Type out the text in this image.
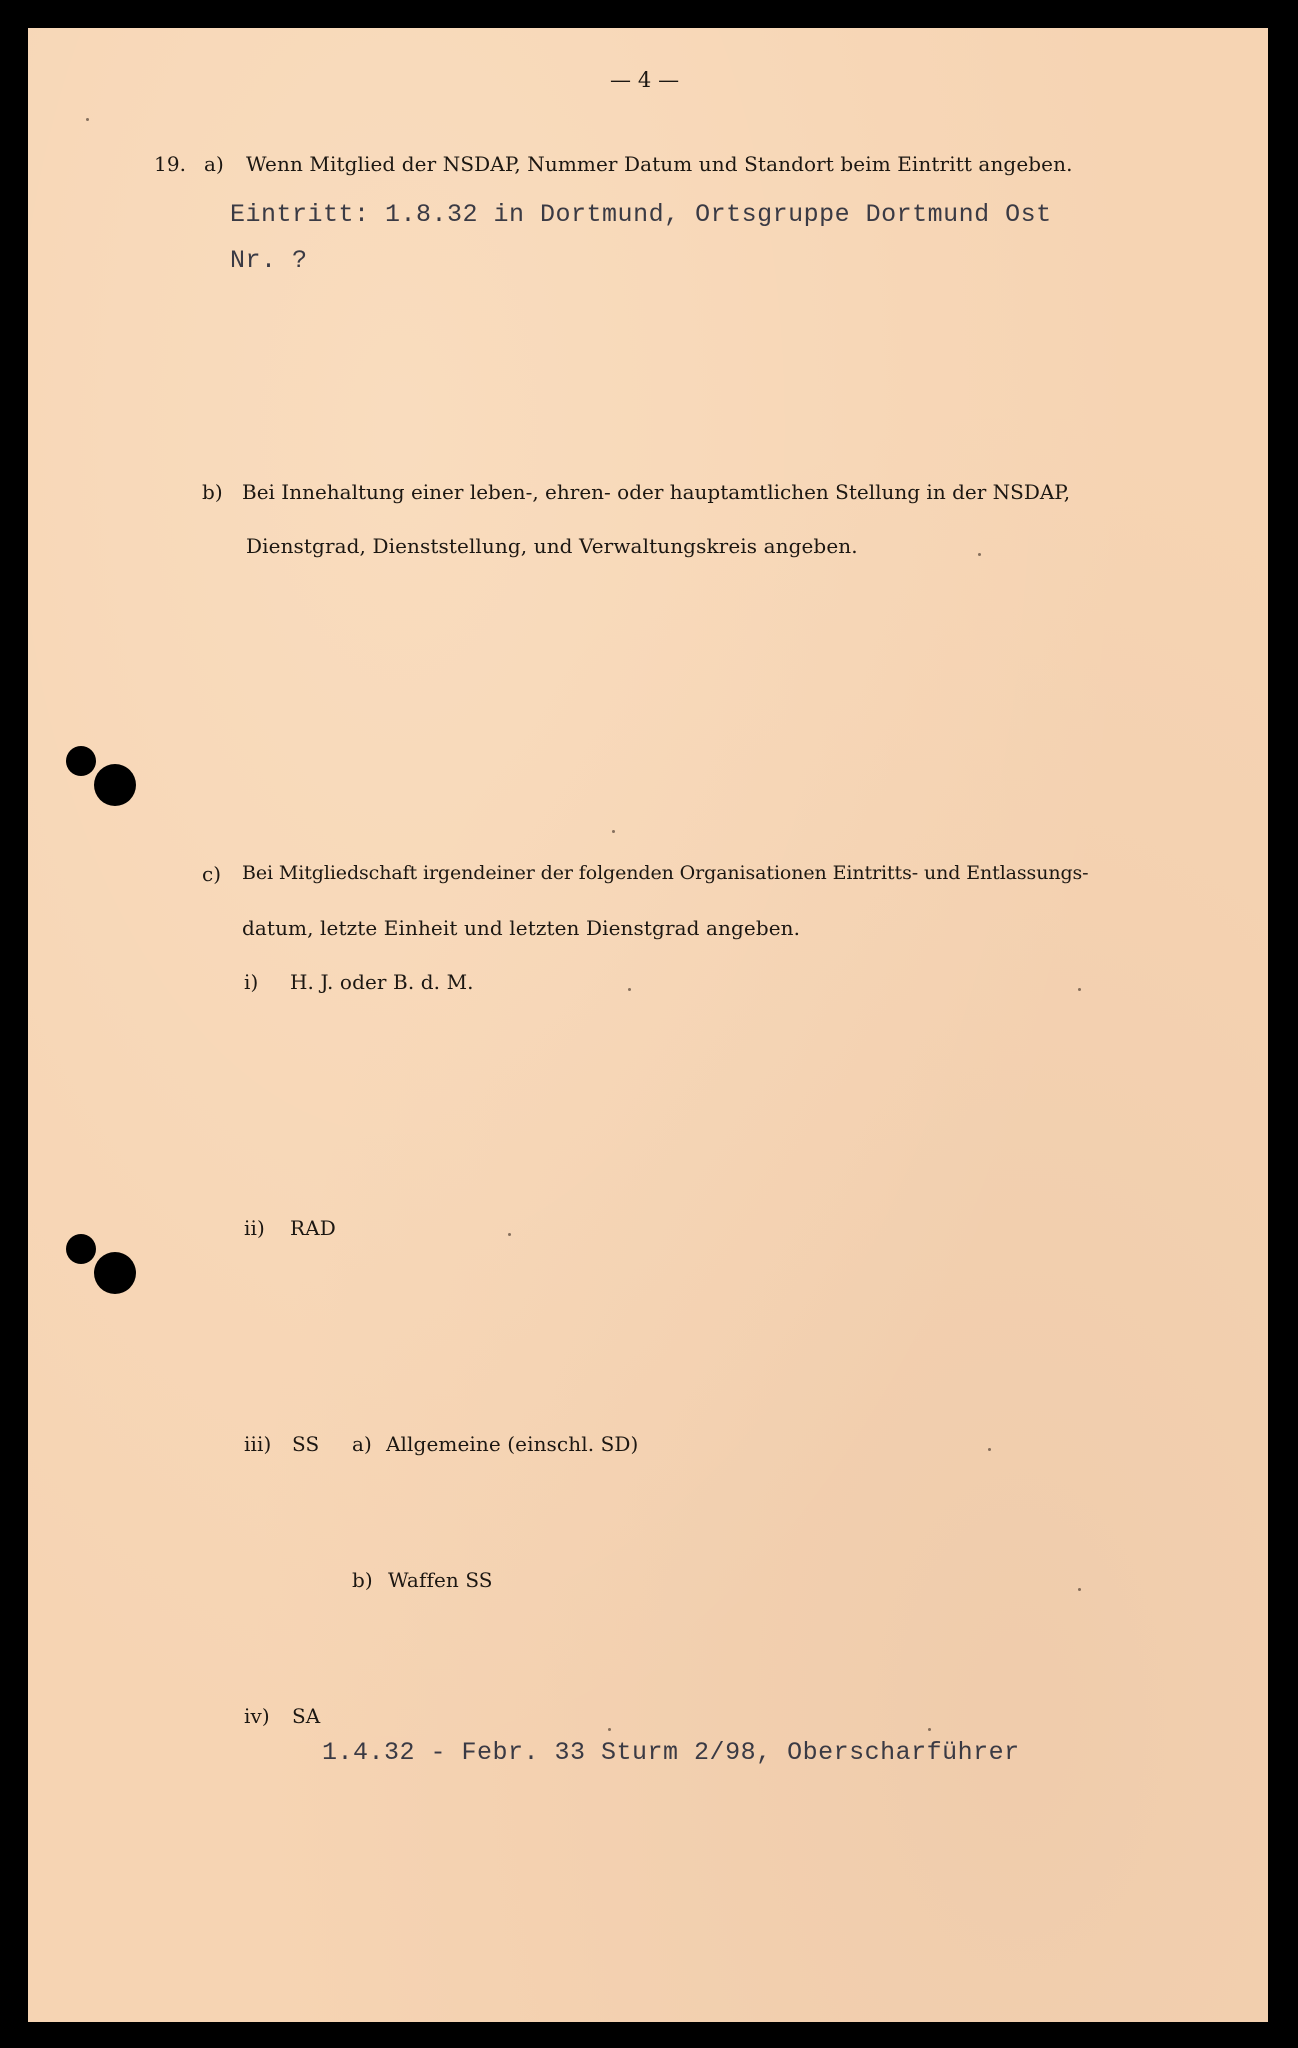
— 4 —
19. a) Wenn Mitglied der NSDAP, Nummer Datum und Standort beim Eintritt angeben.
Eintritt: 1.8.32 in Dortmund, Ortsgruppe Dortmund Ost
Nr. ?
b) Bei Innehaltung einer leben-, ehren- oder hauptamtlichen Stellung in der NSDAP,
Dienstgrad, Dienststellung, und Verwaltungskreis angeben.
c) Bei Mitgliedschaft irgendeiner der folgenden Organisationen Eintritts- und Entlassungs-
datum, letzte Einheit und letzten Dienstgrad angeben.
i) H. J. oder B. d. M.
ii) RAD
iii) SS a) Allgemeine (einschl. SD)
b) Waffen SS
iv) SA
1.4.32 - Febr. 33 Sturm 2/98, Oberscharführer
